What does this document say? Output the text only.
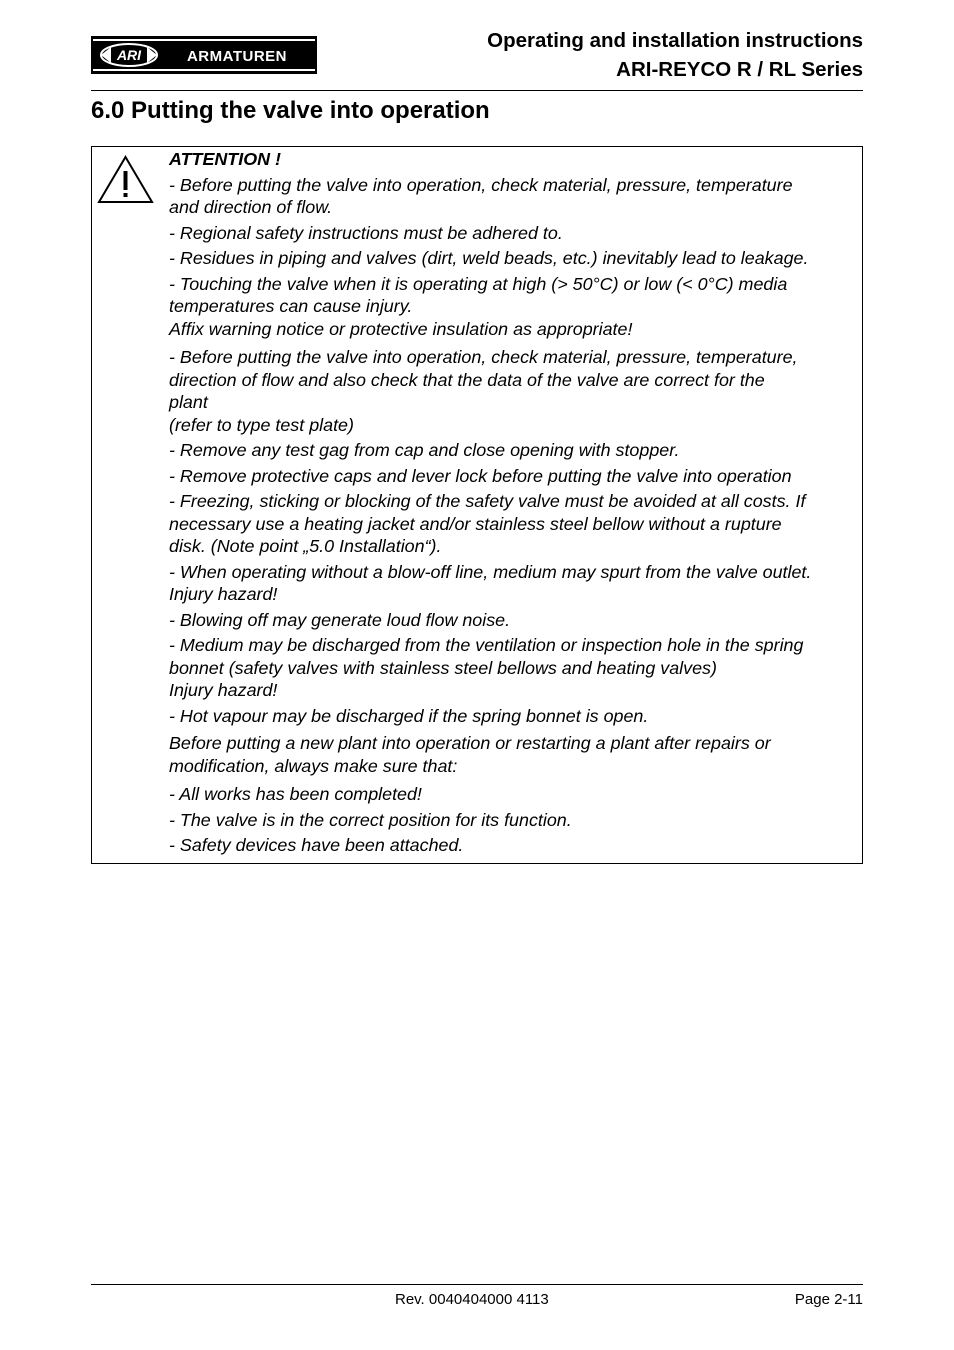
ARI	ARMATUREN
Operating and installation instructions
ARI-REYCO R / RL Series
6.0 Putting the valve into operation

ATTENTION !

- Before putting the valve into operation, check material, pressure, temperature
and direction of flow.

- Regional safety instructions must be adhered to.

- Residues in piping and valves (dirt, weld beads, etc.) inevitably lead to leakage.

- Touching the valve when it is operating at high (> 50°C) or low (< 0°C) media
temperatures can cause injury.
Affix warning notice or protective insulation as appropriate!

- Before putting the valve into operation, check material, pressure, temperature,
direction of flow and also check that the data of the valve are correct for the
plant
(refer to type test plate)

- Remove any test gag from cap and close opening with stopper.

- Remove protective caps and lever lock before putting the valve into operation

- Freezing, sticking or blocking of the safety valve must be avoided at all costs. If
necessary use a heating jacket and/or stainless steel bellow without a rupture
disk. (Note point „5.0 Installation“).

- When operating without a blow-off line, medium may spurt from the valve outlet.
Injury hazard!

- Blowing off may generate loud flow noise.

- Medium may be discharged from the ventilation or inspection hole in the spring
bonnet (safety valves with stainless steel bellows and heating valves)
Injury hazard!

- Hot vapour may be discharged if the spring bonnet is open.

Before putting a new plant into operation or restarting a plant after repairs or
modification, always make sure that:

- All works has been completed!

- The valve is in the correct position for its function.

- Safety devices have been attached.

Rev. 0040404000 4113	Page 2-11
